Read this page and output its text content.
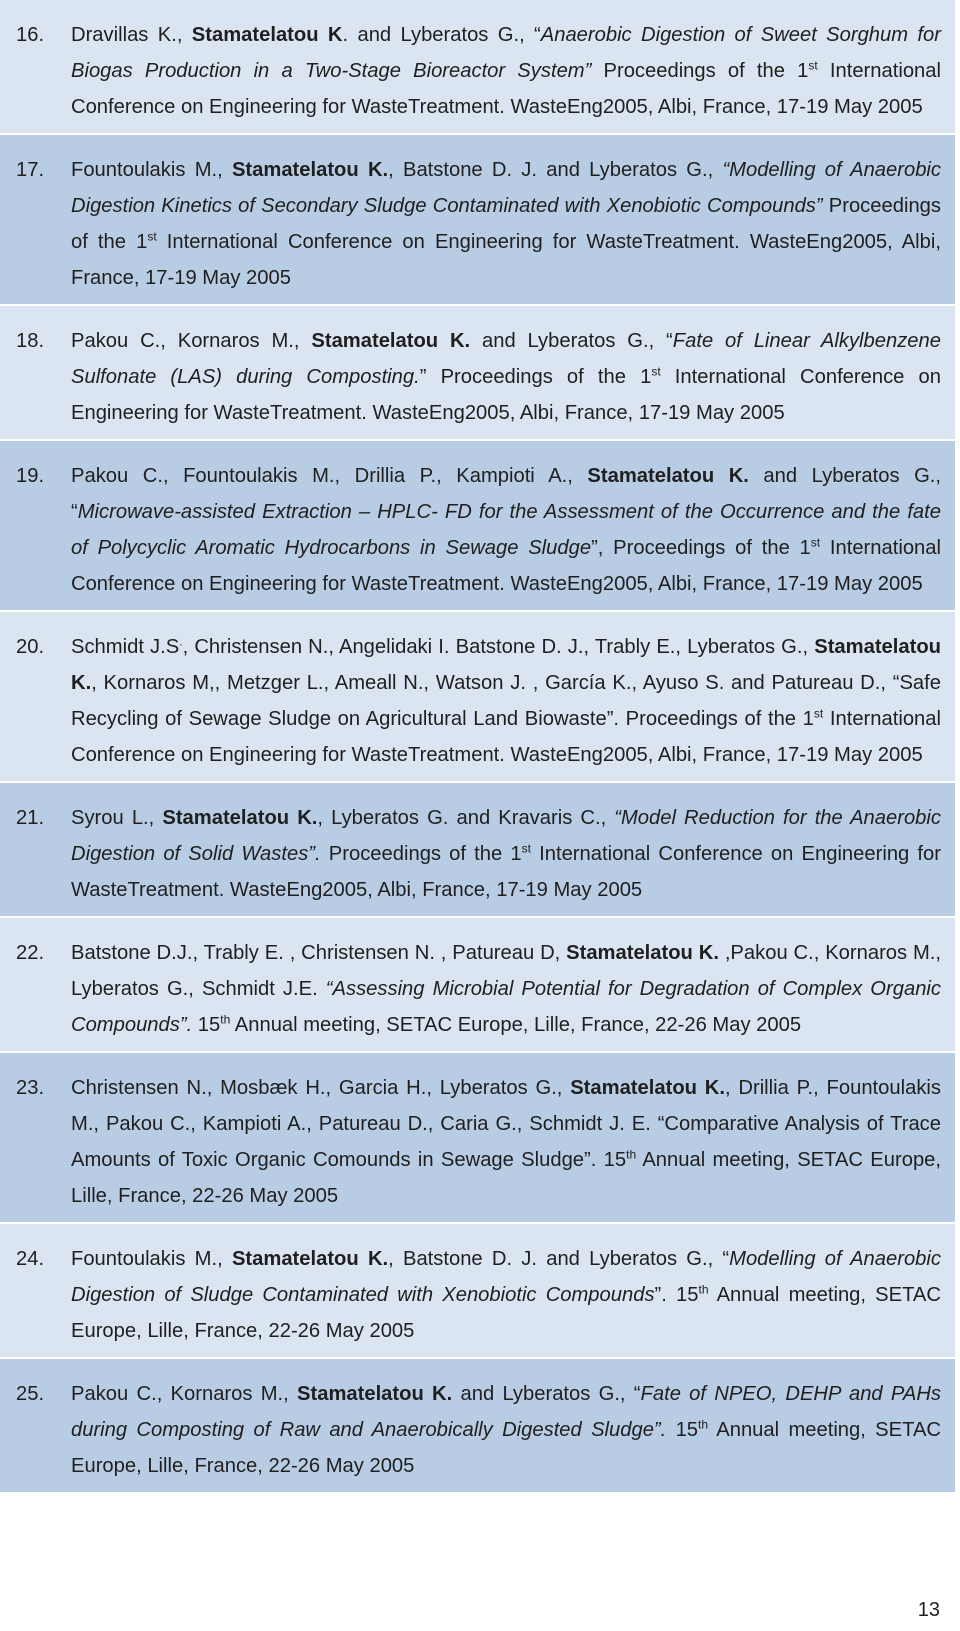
16.	Dravillas K., Stamatelatou K. and Lyberatos G., “Anaerobic Digestion of Sweet Sorghum for Biogas Production in a Two-Stage Bioreactor System” Proceedings of the 1st International Conference on Engineering for WasteTreatment. WasteEng2005, Albi, France, 17-19 May 2005
17.	Fountoulakis M., Stamatelatou K., Batstone D. J. and Lyberatos G., “Modelling of Anaerobic Digestion Kinetics of Secondary Sludge Contaminated with Xenobiotic Compounds” Proceedings of the 1st International Conference on Engineering for WasteTreatment. WasteEng2005, Albi, France, 17-19 May 2005
18.	Pakou C., Kornaros M., Stamatelatou K. and Lyberatos G., “Fate of Linear Alkylbenzene Sulfonate (LAS) during Composting.” Proceedings of the 1st International Conference on Engineering for WasteTreatment. WasteEng2005, Albi, France, 17-19 May 2005
19.	Pakou C., Fountoulakis M., Drillia P., Kampioti A., Stamatelatou K. and Lyberatos G., “Microwave-assisted Extraction – HPLC- FD for the Assessment of the Occurrence and the fate of Polycyclic Aromatic Hydrocarbons in Sewage Sludge”, Proceedings of the 1st International Conference on Engineering for WasteTreatment. WasteEng2005, Albi, France, 17-19 May 2005
20.	Schmidt J.S., Christensen N., Angelidaki I. Batstone D. J., Trably E., Lyberatos G., Stamatelatou K., Kornaros M,, Metzger L., Ameall N., Watson J. , García K., Ayuso S. and Patureau D., “Safe Recycling of Sewage Sludge on Agricultural Land Biowaste”. Proceedings of the 1st International Conference on Engineering for WasteTreatment. WasteEng2005, Albi, France, 17-19 May 2005
21.	Syrou L., Stamatelatou K., Lyberatos G. and Kravaris C., “Model Reduction for the Anaerobic Digestion of Solid Wastes”. Proceedings of the 1st International Conference on Engineering for WasteTreatment. WasteEng2005, Albi, France, 17-19 May 2005
22.	Batstone D.J., Trably E. , Christensen N. , Patureau D, Stamatelatou K. ,Pakou C., Kornaros M., Lyberatos G., Schmidt J.E. “Assessing Microbial Potential for Degradation of Complex Organic Compounds”. 15th Annual meeting, SETAC Europe, Lille, France, 22-26 May 2005
23.	Christensen N., Mosbæk H., Garcia H., Lyberatos G., Stamatelatou K., Drillia P., Fountoulakis M., Pakou C., Kampioti A., Patureau D., Caria G., Schmidt J. E. “Comparative Analysis of Trace Amounts of Toxic Organic Comounds in Sewage Sludge”. 15th Annual meeting, SETAC Europe, Lille, France, 22-26 May 2005
24.	Fountoulakis M., Stamatelatou K., Batstone D. J. and Lyberatos G., “Modelling of Anaerobic Digestion of Sludge Contaminated with Xenobiotic Compounds”. 15th Annual meeting, SETAC Europe, Lille, France, 22-26 May 2005
25.	Pakou C., Kornaros M., Stamatelatou K. and Lyberatos G., “Fate of NPEO, DEHP and PAHs during Composting of Raw and Anaerobically Digested Sludge”. 15th Annual meeting, SETAC Europe, Lille, France, 22-26 May 2005
13
